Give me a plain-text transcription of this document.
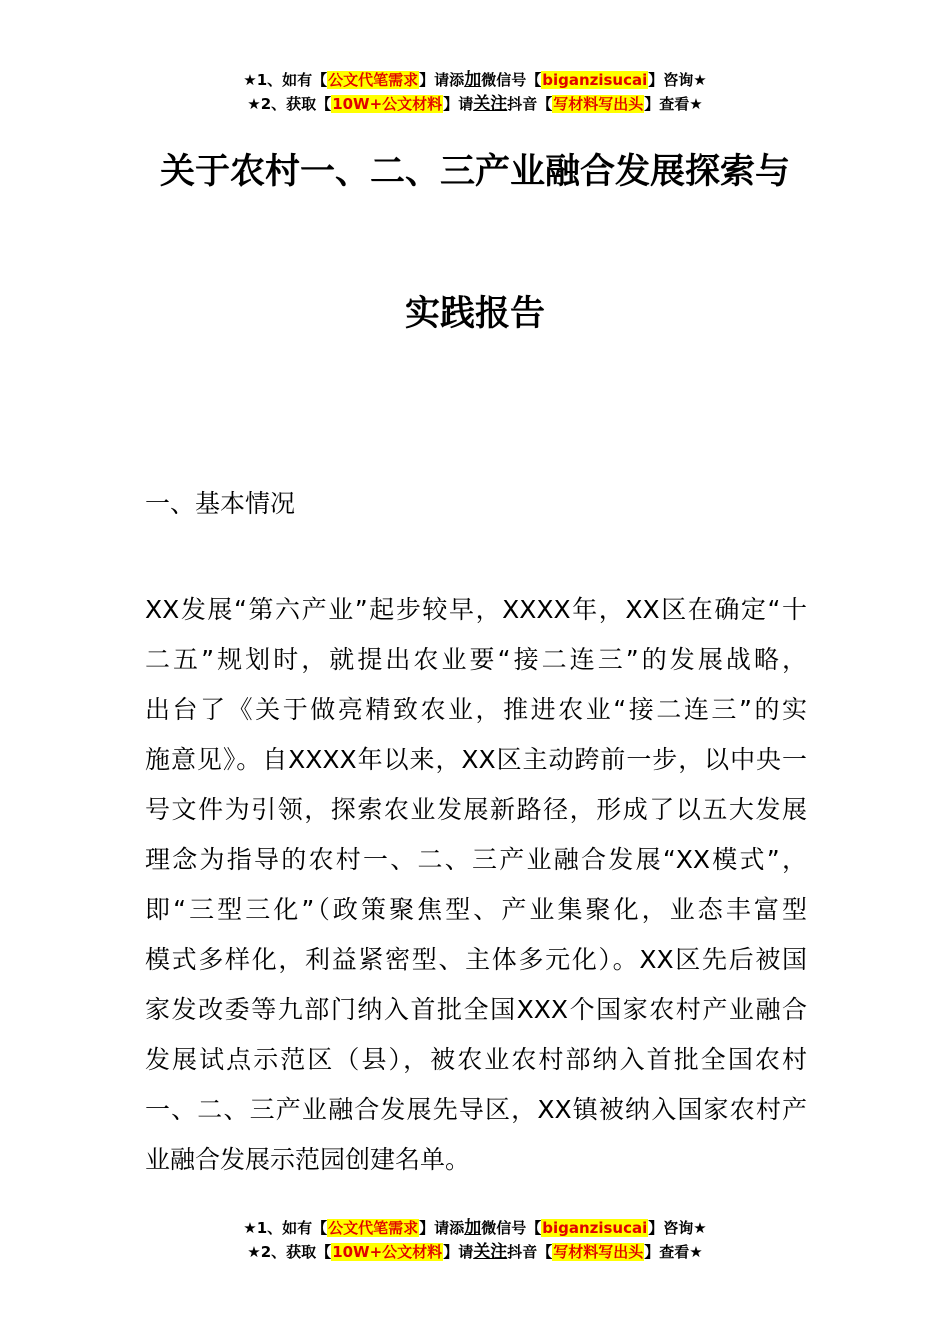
★1、如有【公文代笔需求】请添加微信号【biganzisucai】咨询★
★2、获取【10W+公文材料】请关注抖音【写材料写出头】查看★
关于农村一、二、三产业融合发展探索与
实践报告
一、基本情况
XX发展“第六产业”起步较早，XXXX年，XX区在确定“十
二五”规划时，就提出农业要“接二连三”的发展战略，
出台了《关于做亮精致农业，推进农业“接二连三”的实
施意见》。自XXXX年以来，XX区主动跨前一步，以中央一
号文件为引领，探索农业发展新路径，形成了以五大发展
理念为指导的农村一、二、三产业融合发展“XX模式”，
即“三型三化”（政策聚焦型、产业集聚化，业态丰富型
模式多样化，利益紧密型、主体多元化）。XX区先后被国
家发改委等九部门纳入首批全国XXX个国家农村产业融合
发展试点示范区（县），被农业农村部纳入首批全国农村
一、二、三产业融合发展先导区，XX镇被纳入国家农村产
业融合发展示范园创建名单。
★1、如有【公文代笔需求】请添加微信号【biganzisucai】咨询★
★2、获取【10W+公文材料】请关注抖音【写材料写出头】查看★
